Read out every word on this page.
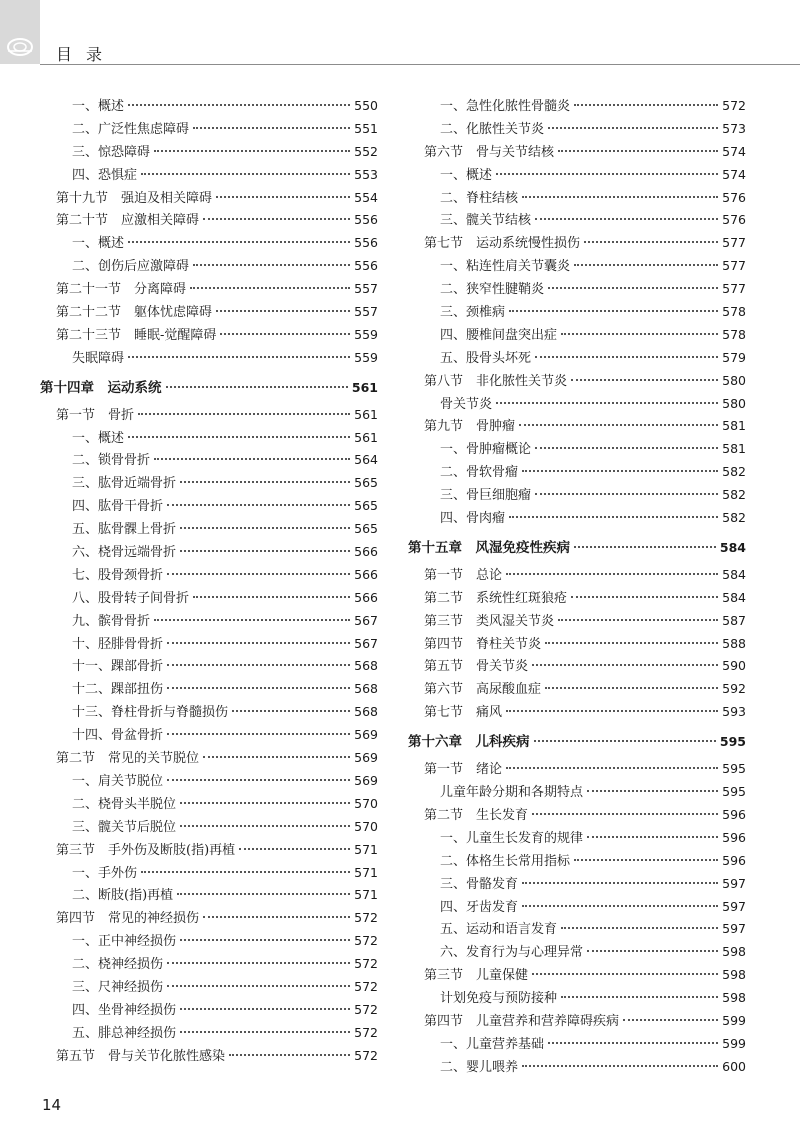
目录
一、概述	550
二、广泛性焦虑障碍	551
三、惊恐障碍	552
四、恐惧症	553
第十九节　强迫及相关障碍	554
第二十节　应激相关障碍	556
一、概述	556
二、创伤后应激障碍	556
第二十一节　分离障碍	557
第二十二节　躯体忧虑障碍	557
第二十三节　睡眠-觉醒障碍	559
失眠障碍	559
第十四章　运动系统	561
第一节　骨折	561
一、概述	561
二、锁骨骨折	564
三、肱骨近端骨折	565
四、肱骨干骨折	565
五、肱骨髁上骨折	565
六、桡骨远端骨折	566
七、股骨颈骨折	566
八、股骨转子间骨折	566
九、髌骨骨折	567
十、胫腓骨骨折	567
十一、踝部骨折	568
十二、踝部扭伤	568
十三、脊柱骨折与脊髓损伤	568
十四、骨盆骨折	569
第二节　常见的关节脱位	569
一、肩关节脱位	569
二、桡骨头半脱位	570
三、髋关节后脱位	570
第三节　手外伤及断肢(指)再植	571
一、手外伤	571
二、断肢(指)再植	571
第四节　常见的神经损伤	572
一、正中神经损伤	572
二、桡神经损伤	572
三、尺神经损伤	572
四、坐骨神经损伤	572
五、腓总神经损伤	572
第五节　骨与关节化脓性感染	572
一、急性化脓性骨髓炎	572
二、化脓性关节炎	573
第六节　骨与关节结核	574
一、概述	574
二、脊柱结核	576
三、髋关节结核	576
第七节　运动系统慢性损伤	577
一、粘连性肩关节囊炎	577
二、狭窄性腱鞘炎	577
三、颈椎病	578
四、腰椎间盘突出症	578
五、股骨头坏死	579
第八节　非化脓性关节炎	580
骨关节炎	580
第九节　骨肿瘤	581
一、骨肿瘤概论	581
二、骨软骨瘤	582
三、骨巨细胞瘤	582
四、骨肉瘤	582
第十五章　风湿免疫性疾病	584
第一节　总论	584
第二节　系统性红斑狼疮	584
第三节　类风湿关节炎	587
第四节　脊柱关节炎	588
第五节　骨关节炎	590
第六节　高尿酸血症	592
第七节　痛风	593
第十六章　儿科疾病	595
第一节　绪论	595
儿童年龄分期和各期特点	595
第二节　生长发育	596
一、儿童生长发育的规律	596
二、体格生长常用指标	596
三、骨骼发育	597
四、牙齿发育	597
五、运动和语言发育	597
六、发育行为与心理异常	598
第三节　儿童保健	598
计划免疫与预防接种	598
第四节　儿童营养和营养障碍疾病	599
一、儿童营养基础	599
二、婴儿喂养	600
14
